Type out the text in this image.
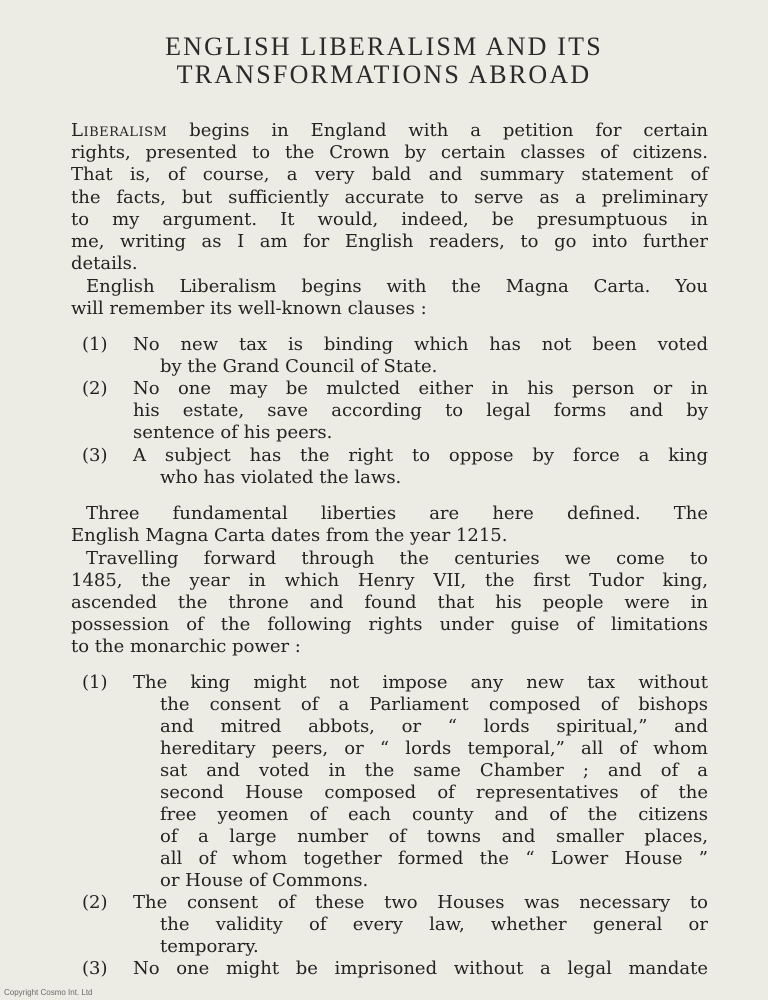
ENGLISH LIBERALISM AND ITS
TRANSFORMATIONS ABROAD
Liberalism begins in England with a petition for certain
rights, presented to the Crown by certain classes of citizens.
That is, of course, a very bald and summary statement of
the facts, but sufficiently accurate to serve as a preliminary
to my argument. It would, indeed, be presumptuous in
me, writing as I am for English readers, to go into further
details.
English Liberalism begins with the Magna Carta. You
will remember its well-known clauses :
(1) No new tax is binding which has not been voted
by the Grand Council of State.
(2) No one may be mulcted either in his person or in
his estate, save according to legal forms and by
sentence of his peers.
(3) A subject has the right to oppose by force a king
who has violated the laws.
Three fundamental liberties are here defined. The
English Magna Carta dates from the year 1215.
Travelling forward through the centuries we come to
1485, the year in which Henry VII, the first Tudor king,
ascended the throne and found that his people were in
possession of the following rights under guise of limitations
to the monarchic power :
(1) The king might not impose any new tax without
the consent of a Parliament composed of bishops
and mitred abbots, or “ lords spiritual,” and
hereditary peers, or “ lords temporal,” all of whom
sat and voted in the same Chamber ; and of a
second House composed of representatives of the
free yeomen of each county and of the citizens
of a large number of towns and smaller places,
all of whom together formed the “ Lower House ”
or House of Commons.
(2) The consent of these two Houses was necessary to
the validity of every law, whether general or
temporary.
(3) No one might be imprisoned without a legal mandate
Copyright Cosmo Int. Ltd
